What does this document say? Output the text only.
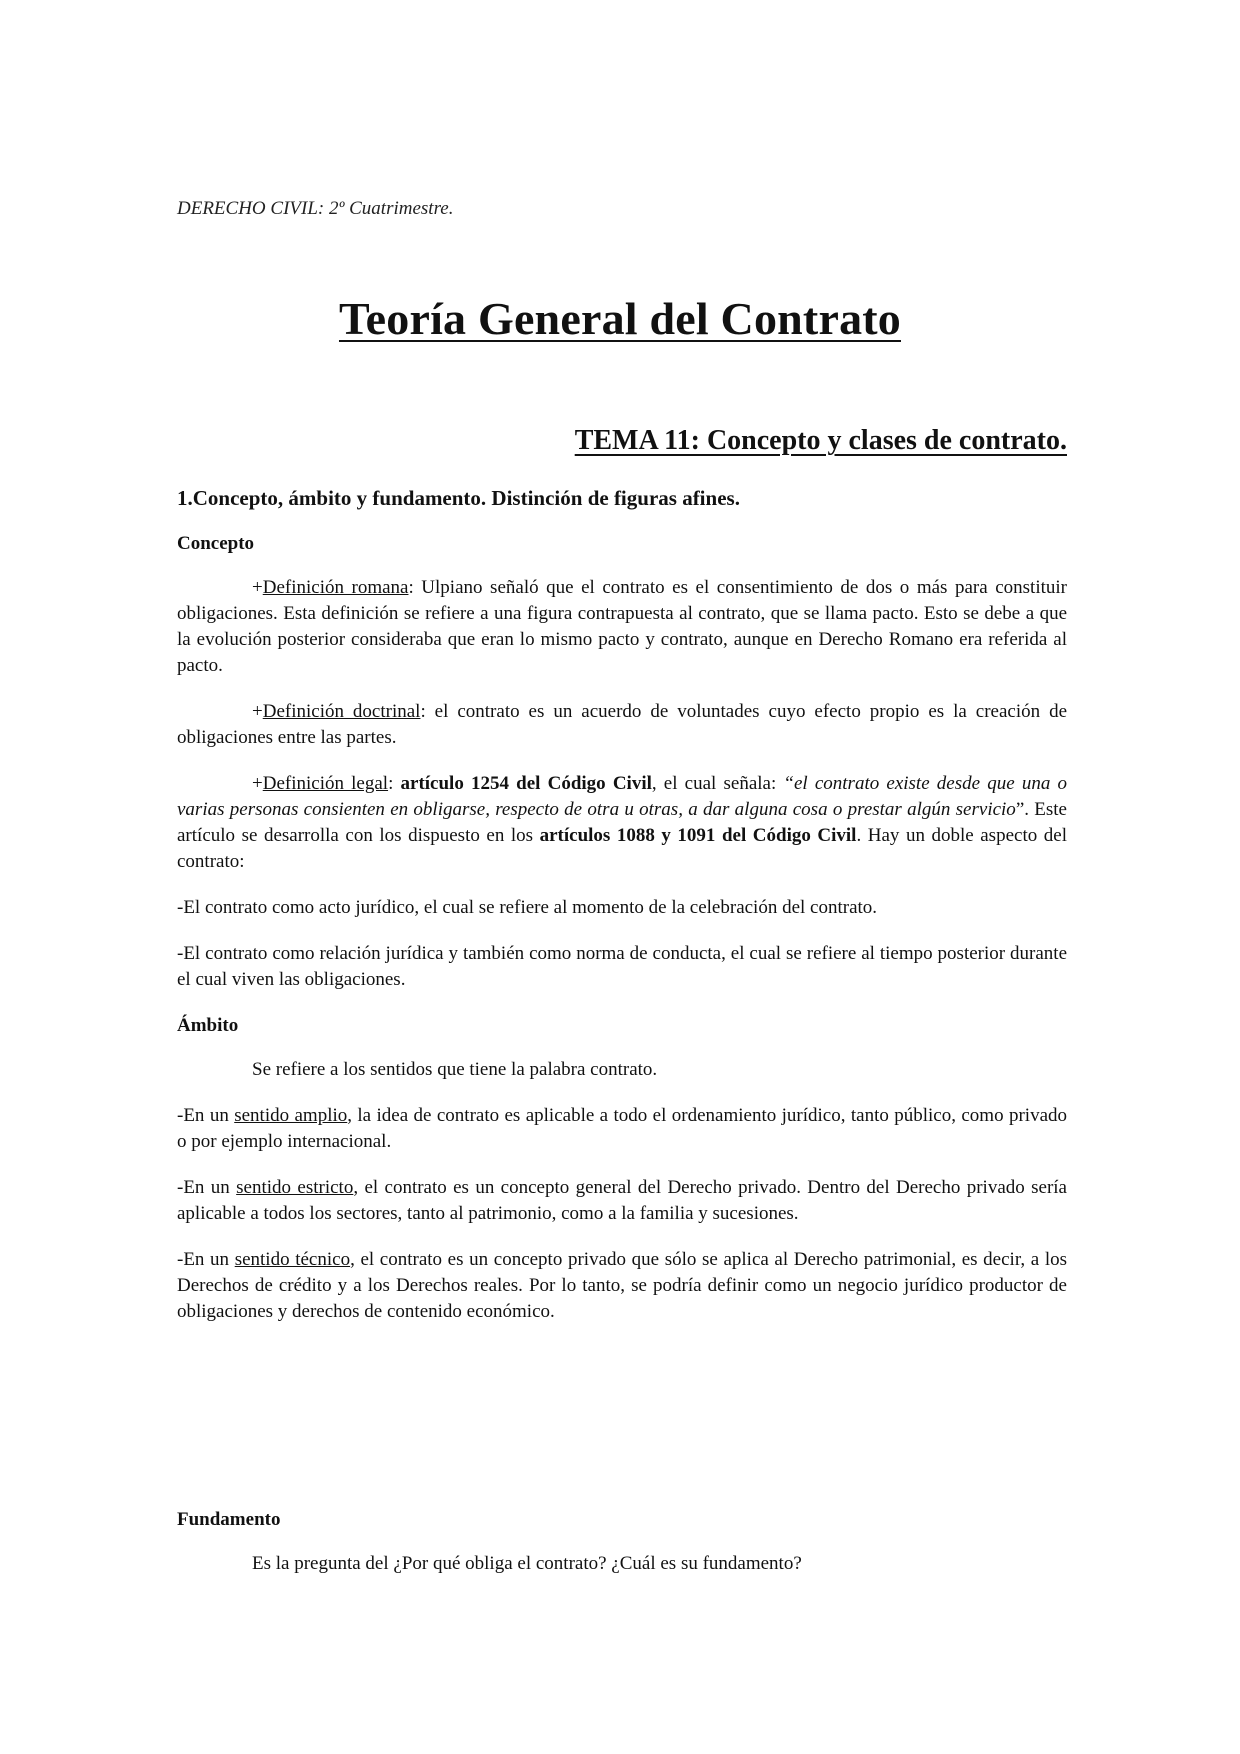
DERECHO CIVIL: 2º Cuatrimestre.
Teoría General del Contrato
TEMA 11: Concepto y clases de contrato.
1.Concepto, ámbito y fundamento. Distinción de figuras afines.
Concepto

+Definición romana: Ulpiano señaló que el contrato es el consentimiento de dos o más para constituir obligaciones. Esta definición se refiere a una figura contrapuesta al contrato, que se llama pacto. Esto se debe a que la evolución posterior consideraba que eran lo mismo pacto y contrato, aunque en Derecho Romano era referida al pacto.

+Definición doctrinal: el contrato es un acuerdo de voluntades cuyo efecto propio es la creación de obligaciones entre las partes.

+Definición legal: artículo 1254 del Código Civil, el cual señala: “el contrato existe desde que una o varias personas consienten en obligarse, respecto de otra u otras, a dar alguna cosa o prestar algún servicio”. Este artículo se desarrolla con los dispuesto en los artículos 1088 y 1091 del Código Civil. Hay un doble aspecto del contrato:

-El contrato como acto jurídico, el cual se refiere al momento de la celebración del contrato.

-El contrato como relación jurídica y también como norma de conducta, el cual se refiere al tiempo posterior durante el cual viven las obligaciones.

Ámbito

Se refiere a los sentidos que tiene la palabra contrato.

-En un sentido amplio, la idea de contrato es aplicable a todo el ordenamiento jurídico, tanto público, como privado o por ejemplo internacional.

-En un sentido estricto, el contrato es un concepto general del Derecho privado. Dentro del Derecho privado sería aplicable a todos los sectores, tanto al patrimonio, como a la familia y sucesiones.

-En un sentido técnico, el contrato es un concepto privado que sólo se aplica al Derecho patrimonial, es decir, a los Derechos de crédito y a los Derechos reales. Por lo tanto, se podría definir como un negocio jurídico productor de obligaciones y derechos de contenido económico.

Fundamento

Es la pregunta del ¿Por qué obliga el contrato? ¿Cuál es su fundamento?
